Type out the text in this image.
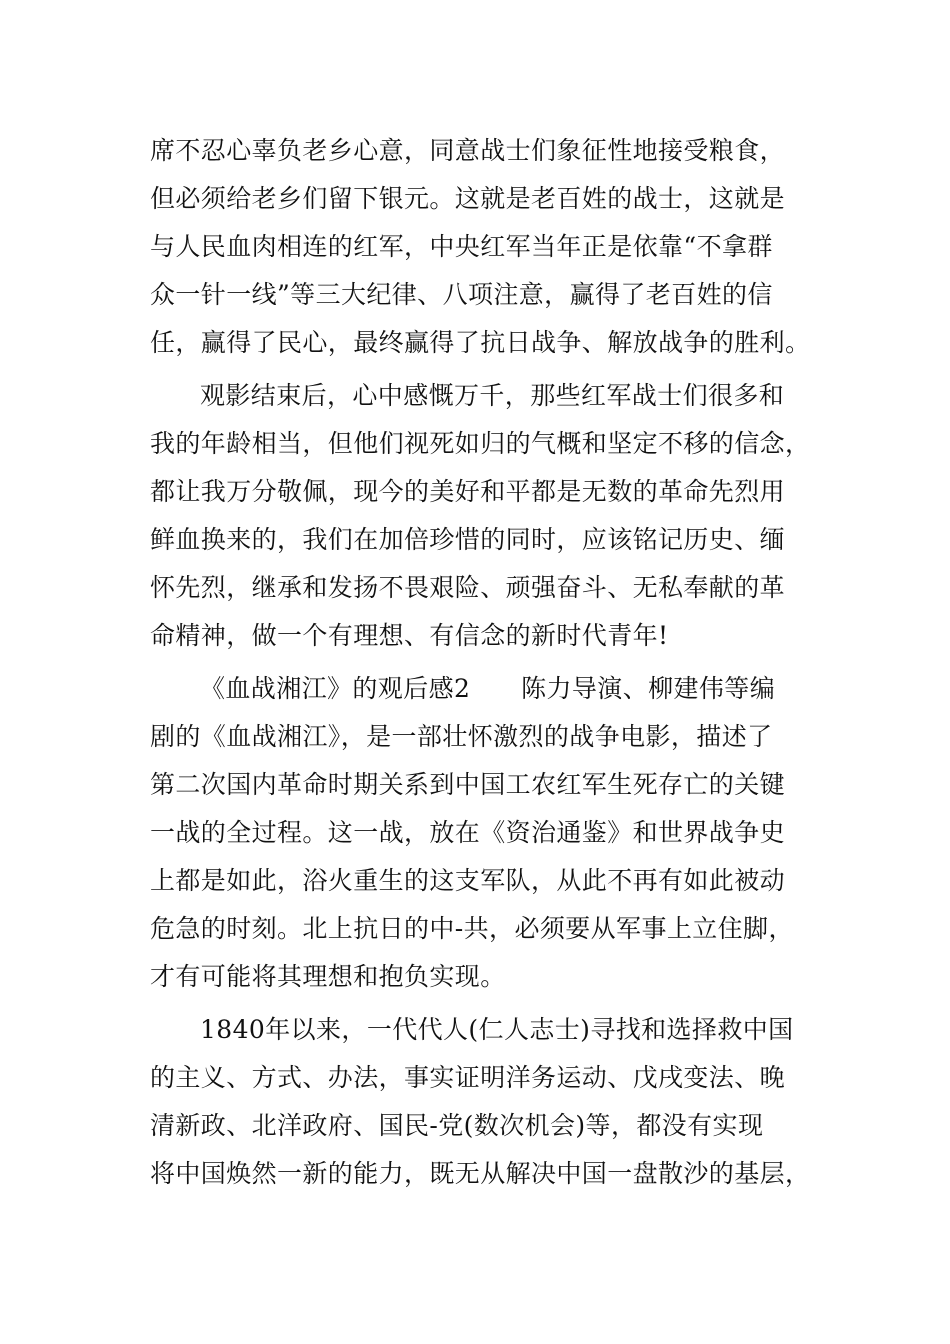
席不忍心辜负老乡心意，同意战士们象征性地接受粮食，
但必须给老乡们留下银元。这就是老百姓的战士，这就是
与人民血肉相连的红军，中央红军当年正是依靠“不拿群
众一针一线”等三大纪律、八项注意，赢得了老百姓的信
任，赢得了民心，最终赢得了抗日战争、解放战争的胜利。
观影结束后，心中感慨万千，那些红军战士们很多和
我的年龄相当，但他们视死如归的气概和坚定不移的信念，
都让我万分敬佩，现今的美好和平都是无数的革命先烈用
鲜血换来的，我们在加倍珍惜的同时，应该铭记历史、缅
怀先烈，继承和发扬不畏艰险、顽强奋斗、无私奉献的革
命精神，做一个有理想、有信念的新时代青年!
《血战湘江》的观后感2　　陈力导演、柳建伟等编
剧的《血战湘江》，是一部壮怀激烈的战争电影，描述了
第二次国内革命时期关系到中国工农红军生死存亡的关键
一战的全过程。这一战，放在《资治通鉴》和世界战争史
上都是如此，浴火重生的这支军队，从此不再有如此被动
危急的时刻。北上抗日的中-共，必须要从军事上立住脚，
才有可能将其理想和抱负实现。
1840年以来，一代代人(仁人志士)寻找和选择救中国
的主义、方式、办法，事实证明洋务运动、戊戌变法、晚
清新政、北洋政府、国民-党(数次机会)等，都没有实现
将中国焕然一新的能力，既无从解决中国一盘散沙的基层，
